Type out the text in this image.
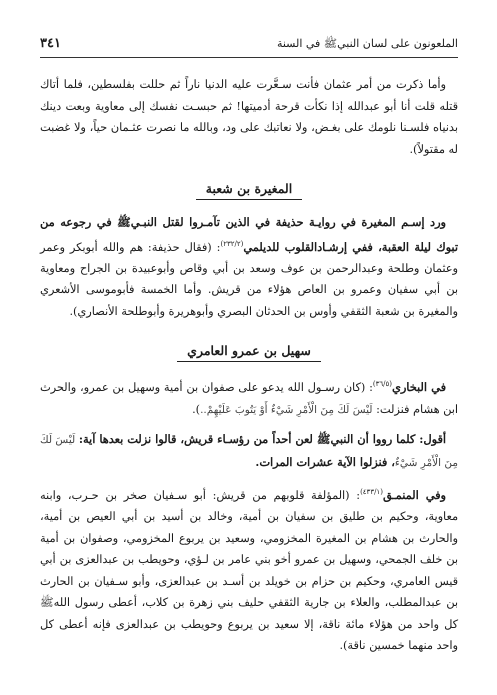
الملعونون على لسان النبيﷺ في السنة
٣٤١

وأما ذكرت من أمر عثمان فأنت سـعَّرت عليه الدنيا ناراً ثم حللت بفلسطين، فلما أتاك قتله قلت أنا أبو عبدالله إذا نكأت قرحة أدميتها! ثم حبسـت نفسك إلى معاوية وبعت دينك بدنياه فلسـنا نلومك على بغـض، ولا نعاتبك على ود، وبالله ما نصرت عثـمان حياً، ولا غضبت له مقتولاً).

المغيرة بن شعبة

ورد إسـم المغيرة في روايـة حذيفة في الذين تآمـروا لقتل النبـيﷺ في رجوعه من تبوك ليلة العقبة، ففي إرشـادالقلوب للديلمي$^{(٢٣٢/٢)}$: (فقال حذيفة: هم والله أبوبكر وعمر وعثمان وطلحة وعبدالرحمن بن عوف وسعد بن أبي وقاص وأبوعبيدة بن الجراح ومعاوية بن أبي سفيان وعمرو بن العاص هؤلاء من قريش. وأما الخمسة فأبوموسى الأشعري والمغيرة بن شعبة الثقفي وأوس بن الحدثان البصري وأبوهريرة وأبوطلحة الأنصاري).

سهيل بن عمرو العامري

في البخاري$^{(٣٦/٥)}$: (كان رسـول الله يدعو على صفوان بن أمية وسهيل بن عمرو، والحرث ابن هشام فنزلت: لَيْسَ لَكَ مِنَ الْأَمْرِ شَيْءٌ أَوْ يَتُوبَ عَلَيْهِمْ..).

أقول: كلما رووا أن النبيﷺ لعن أحداً من رؤسـاء قريش، قالوا نزلت بعدها آية: لَيْسَ لَكَ مِنَ الْأَمْرِ شَيْءٌ، فنزلوا الآية عشرات المرات.

وفي المنمـق$^{(٤٣٣/١)}$: (المؤلفة قلوبهم من قريش: أبو سـفيان صخر بن حـرب، وابنه معاوية، وحكيم بن طليق بن سفيان بن أمية، وخالد بن أسيد بن أبي العيص بن أمية، والحارث بن هشام بن المغيرة المخزومي، وسعيد بن يربوع المخزومي، وصفوان بن أمية بن خلف الجمحي، وسهيل بن عمرو أخو بني عامر بن لـؤي، وحويطب بن عبدالعزى بن أبي قيس العامري، وحكيم بن حزام بن خويلد بن أسـد بن عبدالعزى، وأبو سـفيان بن الحارث بن عبدالمطلب، والعلاء بن جارية الثقفي حليف بني زهرة بن كلاب، أعطى رسول اللهﷺ كل واحد من هؤلاء مائة ناقة، إلا سعيد بن يربوع وحويطب بن عبدالعزى فإنه أعطى كل واحد منهما خمسين ناقة).
